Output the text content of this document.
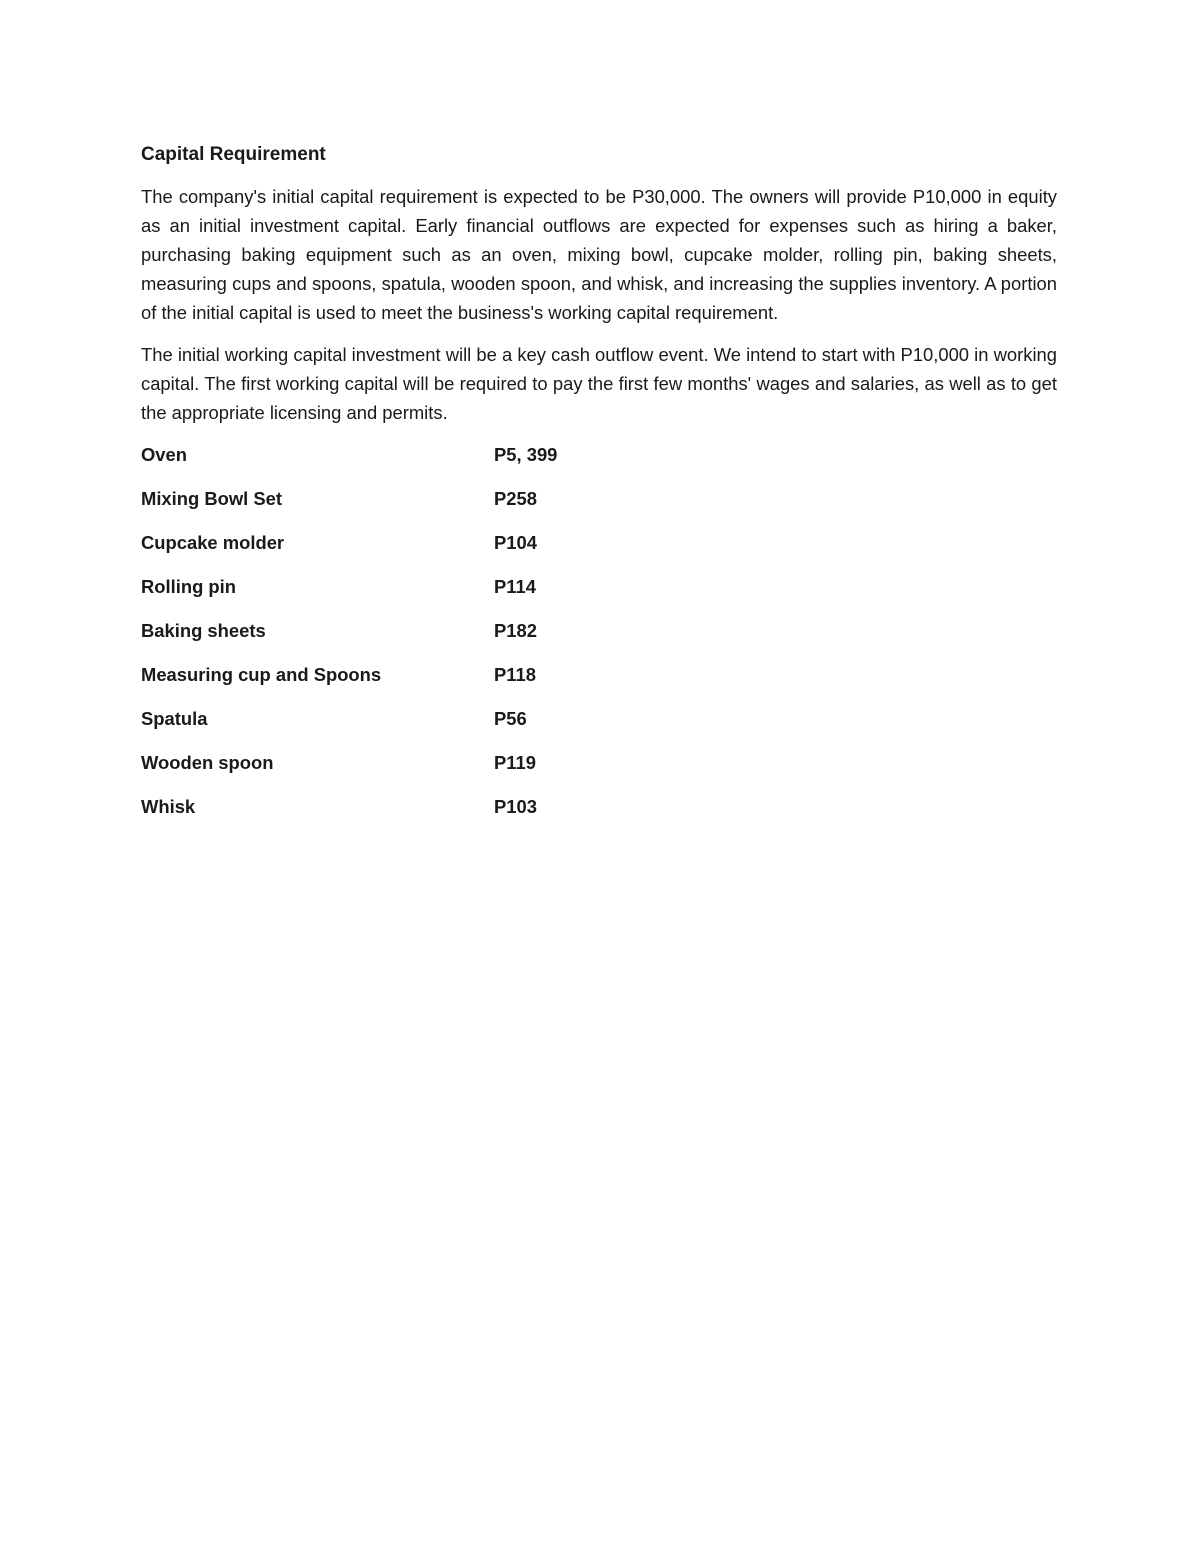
Capital Requirement

The company's initial capital requirement is expected to be P30,000. The owners will provide P10,000 in equity as an initial investment capital. Early financial outflows are expected for expenses such as hiring a baker, purchasing baking equipment such as an oven, mixing bowl, cupcake molder, rolling pin, baking sheets, measuring cups and spoons, spatula, wooden spoon, and whisk, and increasing the supplies inventory. A portion of the initial capital is used to meet the business's working capital requirement.

The initial working capital investment will be a key cash outflow event. We intend to start with P10,000 in working capital. The first working capital will be required to pay the first few months' wages and salaries, as well as to get the appropriate licensing and permits.

Oven	P5, 399
Mixing Bowl Set	P258
Cupcake molder	P104
Rolling pin	P114
Baking sheets	P182
Measuring cup and Spoons	P118
Spatula	P56
Wooden spoon	P119
Whisk	P103
